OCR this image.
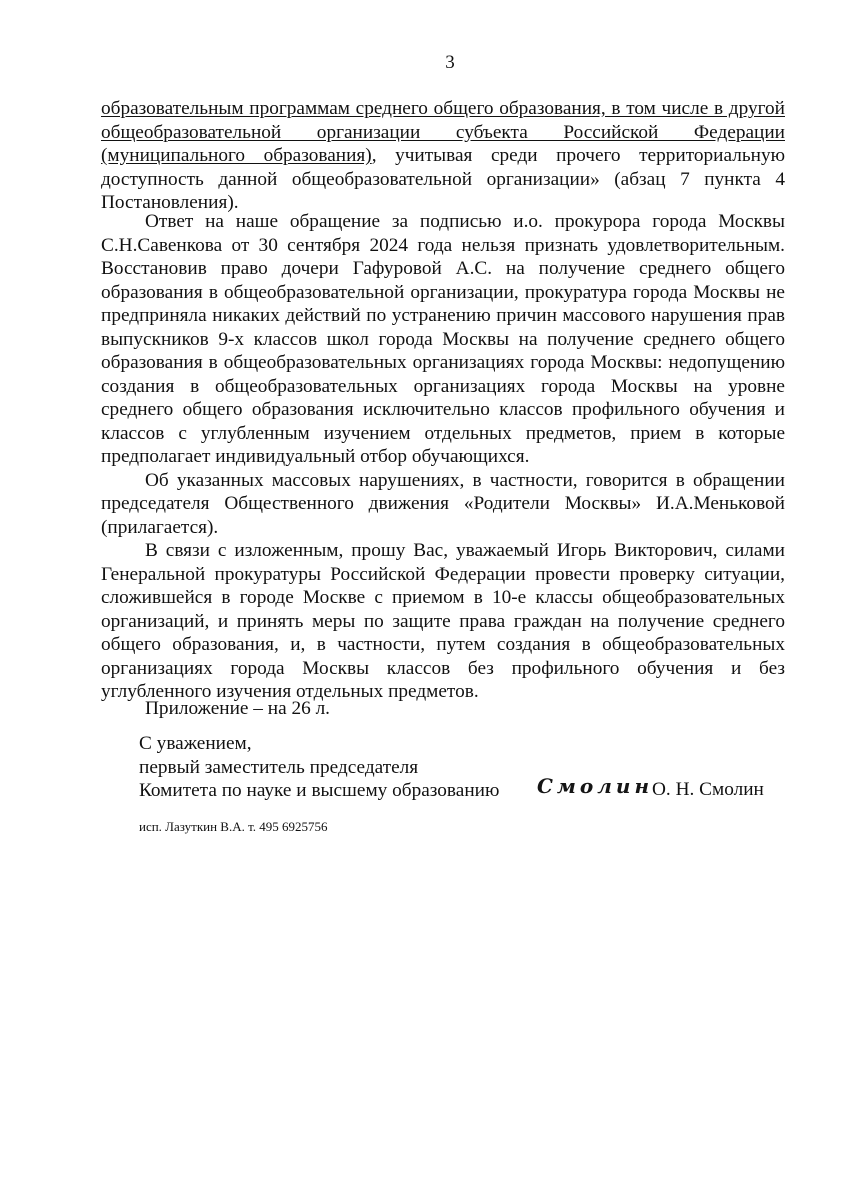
3

образовательным программам среднего общего образования, в том числе в другой общеобразовательной организации субъекта Российской Федерации (муниципального образования), учитывая среди прочего территориальную доступность данной общеобразовательной организации» (абзац 7 пункта 4 Постановления).

Ответ на наше обращение за подписью и.о. прокурора города Москвы С.Н.Савенкова от 30 сентября 2024 года нельзя признать удовлетворительным. Восстановив право дочери Гафуровой А.С. на получение среднего общего образования в общеобразовательной организации, прокуратура города Москвы не предприняла никаких действий по устранению причин массового нарушения прав выпускников 9-х классов школ города Москвы на получение среднего общего образования в общеобразовательных организациях города Москвы: недопущению создания в общеобразовательных организациях города Москвы на уровне среднего общего образования исключительно классов профильного обучения и классов с углубленным изучением отдельных предметов, прием в которые предполагает индивидуальный отбор обучающихся.

Об указанных массовых нарушениях, в частности, говорится в обращении председателя Общественного движения «Родители Москвы» И.А.Меньковой (прилагается).

В связи с изложенным, прошу Вас, уважаемый Игорь Викторович, силами Генеральной прокуратуры Российской Федерации провести проверку ситуации, сложившейся в городе Москве с приемом в 10-е классы общеобразовательных организаций, и принять меры по защите права граждан на получение среднего общего образования, и, в частности, путем создания в общеобразовательных организациях города Москвы классов без профильного обучения и без углубленного изучения отдельных предметов.

Приложение – на 26 л.
С уважением,
первый заместитель председателя
Комитета по науке и высшему образованию Смолин
О. Н. Смолин
исп. Лазуткин В.А. т. 495 6925756
